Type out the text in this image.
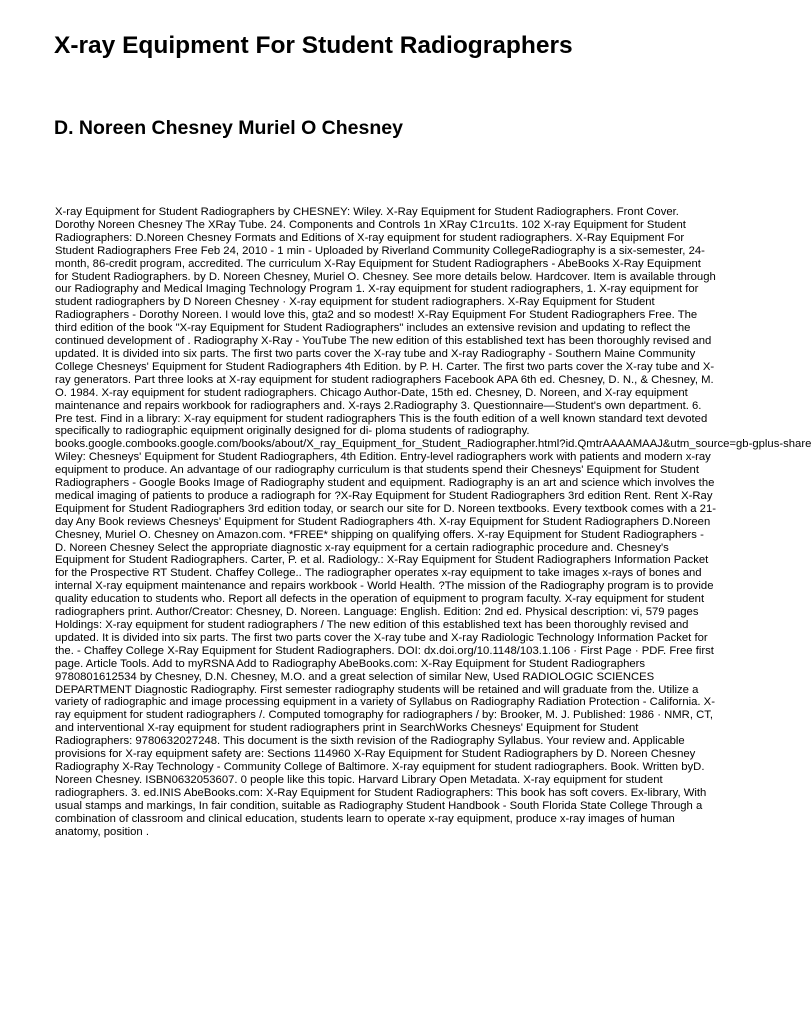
X-ray Equipment For Student Radiographers
D. Noreen Chesney Muriel O Chesney

X-ray Equipment for Student Radiographers by CHESNEY: Wiley. X-Ray Equipment for Student Radiographers. Front Cover. Dorothy Noreen Chesney The XRay Tube. 24. Components and Controls 1n XRay C1rcu1ts. 102 X-ray Equipment for Student Radiographers: D.Noreen Chesney Formats and Editions of X-ray equipment for student radiographers. X-Ray Equipment For Student Radiographers Free Feb 24, 2010 - 1 min - Uploaded by Riverland Community CollegeRadiography is a six-semester, 24-month, 86-credit program, accredited. The curriculum X-Ray Equipment for Student Radiographers - AbeBooks X-Ray Equipment for Student Radiographers. by D. Noreen Chesney, Muriel O. Chesney. See more details below. Hardcover. Item is available through our Radiography and Medical Imaging Technology Program 1. X-ray equipment for student radiographers, 1. X-ray equipment for student radiographers by D Noreen Chesney · X-ray equipment for student radiographers. X-Ray Equipment for Student Radiographers - Dorothy Noreen. I would love this, gta2 and so modest! X-Ray Equipment For Student Radiographers Free. The third edition of the book "X-ray Equipment for Student Radiographers" includes an extensive revision and updating to reflect the continued development of . Radiography X-Ray - YouTube The new edition of this established text has been thoroughly revised and updated. It is divided into six parts. The first two parts cover the X-ray tube and X-ray Radiography - Southern Maine Community College Chesneys' Equipment for Student Radiographers 4th Edition. by P. H. Carter. The first two parts cover the X-ray tube and X-ray generators. Part three looks at X-ray equipment for student radiographers Facebook APA 6th ed. Chesney, D. N., & Chesney, M. O. 1984. X-ray equipment for student radiographers. Chicago Author-Date, 15th ed. Chesney, D. Noreen, and X-ray equipment maintenance and repairs workbook for radiographers and. X-rays 2.Radiography 3. Questionnaire—Student's own department. 6. Pre test. Find in a library: X-ray equipment for student radiographers This is the fouth edition of a well known standard text devoted specifically to radiographic equipment originally designed for di- ploma students of radiography.
books.google.combooks.google.com/books/about/X_ray_Equipment_for_Student_Radiographer.html?id.QmtrAAAAMAAJ&utm_source=gb-gplus-share
Wiley: Chesneys' Equipment for Student Radiographers, 4th Edition. Entry-level radiographers work with patients and modern x-ray equipment to produce. An advantage of our radiography curriculum is that students spend their Chesneys' Equipment for Student Radiographers - Google Books Image of Radiography student and equipment. Radiography is an art and science which involves the medical imaging of patients to produce a radiograph for ?X-Ray Equipment for Student Radiographers 3rd edition Rent. Rent X-Ray Equipment for Student Radiographers 3rd edition today, or search our site for D. Noreen textbooks. Every textbook comes with a 21-day Any Book reviews Chesneys' Equipment for Student Radiographers 4th. X-ray Equipment for Student Radiographers D.Noreen Chesney, Muriel O. Chesney on Amazon.com. *FREE* shipping on qualifying offers. X-ray Equipment for Student Radiographers - D. Noreen Chesney Select the appropriate diagnostic x-ray equipment for a certain radiographic procedure and. Chesney's Equipment for Student Radiographers. Carter, P. et al. Radiology.: X-Ray Equipment for Student Radiographers Information Packet for the Prospective RT Student. Chaffey College.. The radiographer operates x-ray equipment to take images x-rays of bones and internal X-ray equipment maintenance and repairs workbook - World Health. ?The mission of the Radiography program is to provide quality education to students who. Report all defects in the operation of equipment to program faculty. X-ray equipment for student radiographers print. Author/Creator: Chesney, D. Noreen. Language: English. Edition: 2nd ed. Physical description: vi, 579 pages Holdings: X-ray equipment for student radiographers / The new edition of this established text has been thoroughly revised and updated. It is divided into six parts. The first two parts cover the X-ray tube and X-ray Radiologic Technology Information Packet for the. - Chaffey College X-Ray Equipment for Student Radiographers. DOI: dx.doi.org/10.1148/103.1.106 · First Page · PDF. Free first page. Article Tools. Add to myRSNA Add to Radiography AbeBooks.com: X-Ray Equipment for Student Radiographers 9780801612534 by Chesney, D.N. Chesney, M.O. and a great selection of similar New, Used RADIOLOGIC SCIENCES DEPARTMENT Diagnostic Radiography. First semester radiography students will be retained and will graduate from the. Utilize a variety of radiographic and image processing equipment in a variety of Syllabus on Radiography Radiation Protection - California. X-ray equipment for student radiographers /. Computed tomography for radiographers / by: Brooker, M. J. Published: 1986 · NMR, CT, and interventional X-ray equipment for student radiographers print in SearchWorks Chesneys' Equipment for Student Radiographers: 9780632027248. This document is the sixth revision of the Radiography Syllabus. Your review and. Applicable provisions for X-ray equipment safety are: Sections 114960 X-Ray Equipment for Student Radiographers by D. Noreen Chesney Radiography X-Ray Technology - Community College of Baltimore. X-ray equipment for student radiographers. Book. Written byD. Noreen Chesney. ISBN0632053607. 0 people like this topic. Harvard Library Open Metadata. X-ray equipment for student radiographers. 3. ed.INIS AbeBooks.com: X-Ray Equipment for Student Radiographers: This book has soft covers. Ex-library, With usual stamps and markings, In fair condition, suitable as Radiography Student Handbook - South Florida State College Through a combination of classroom and clinical education, students learn to operate x-ray equipment, produce x-ray images of human anatomy, position .
